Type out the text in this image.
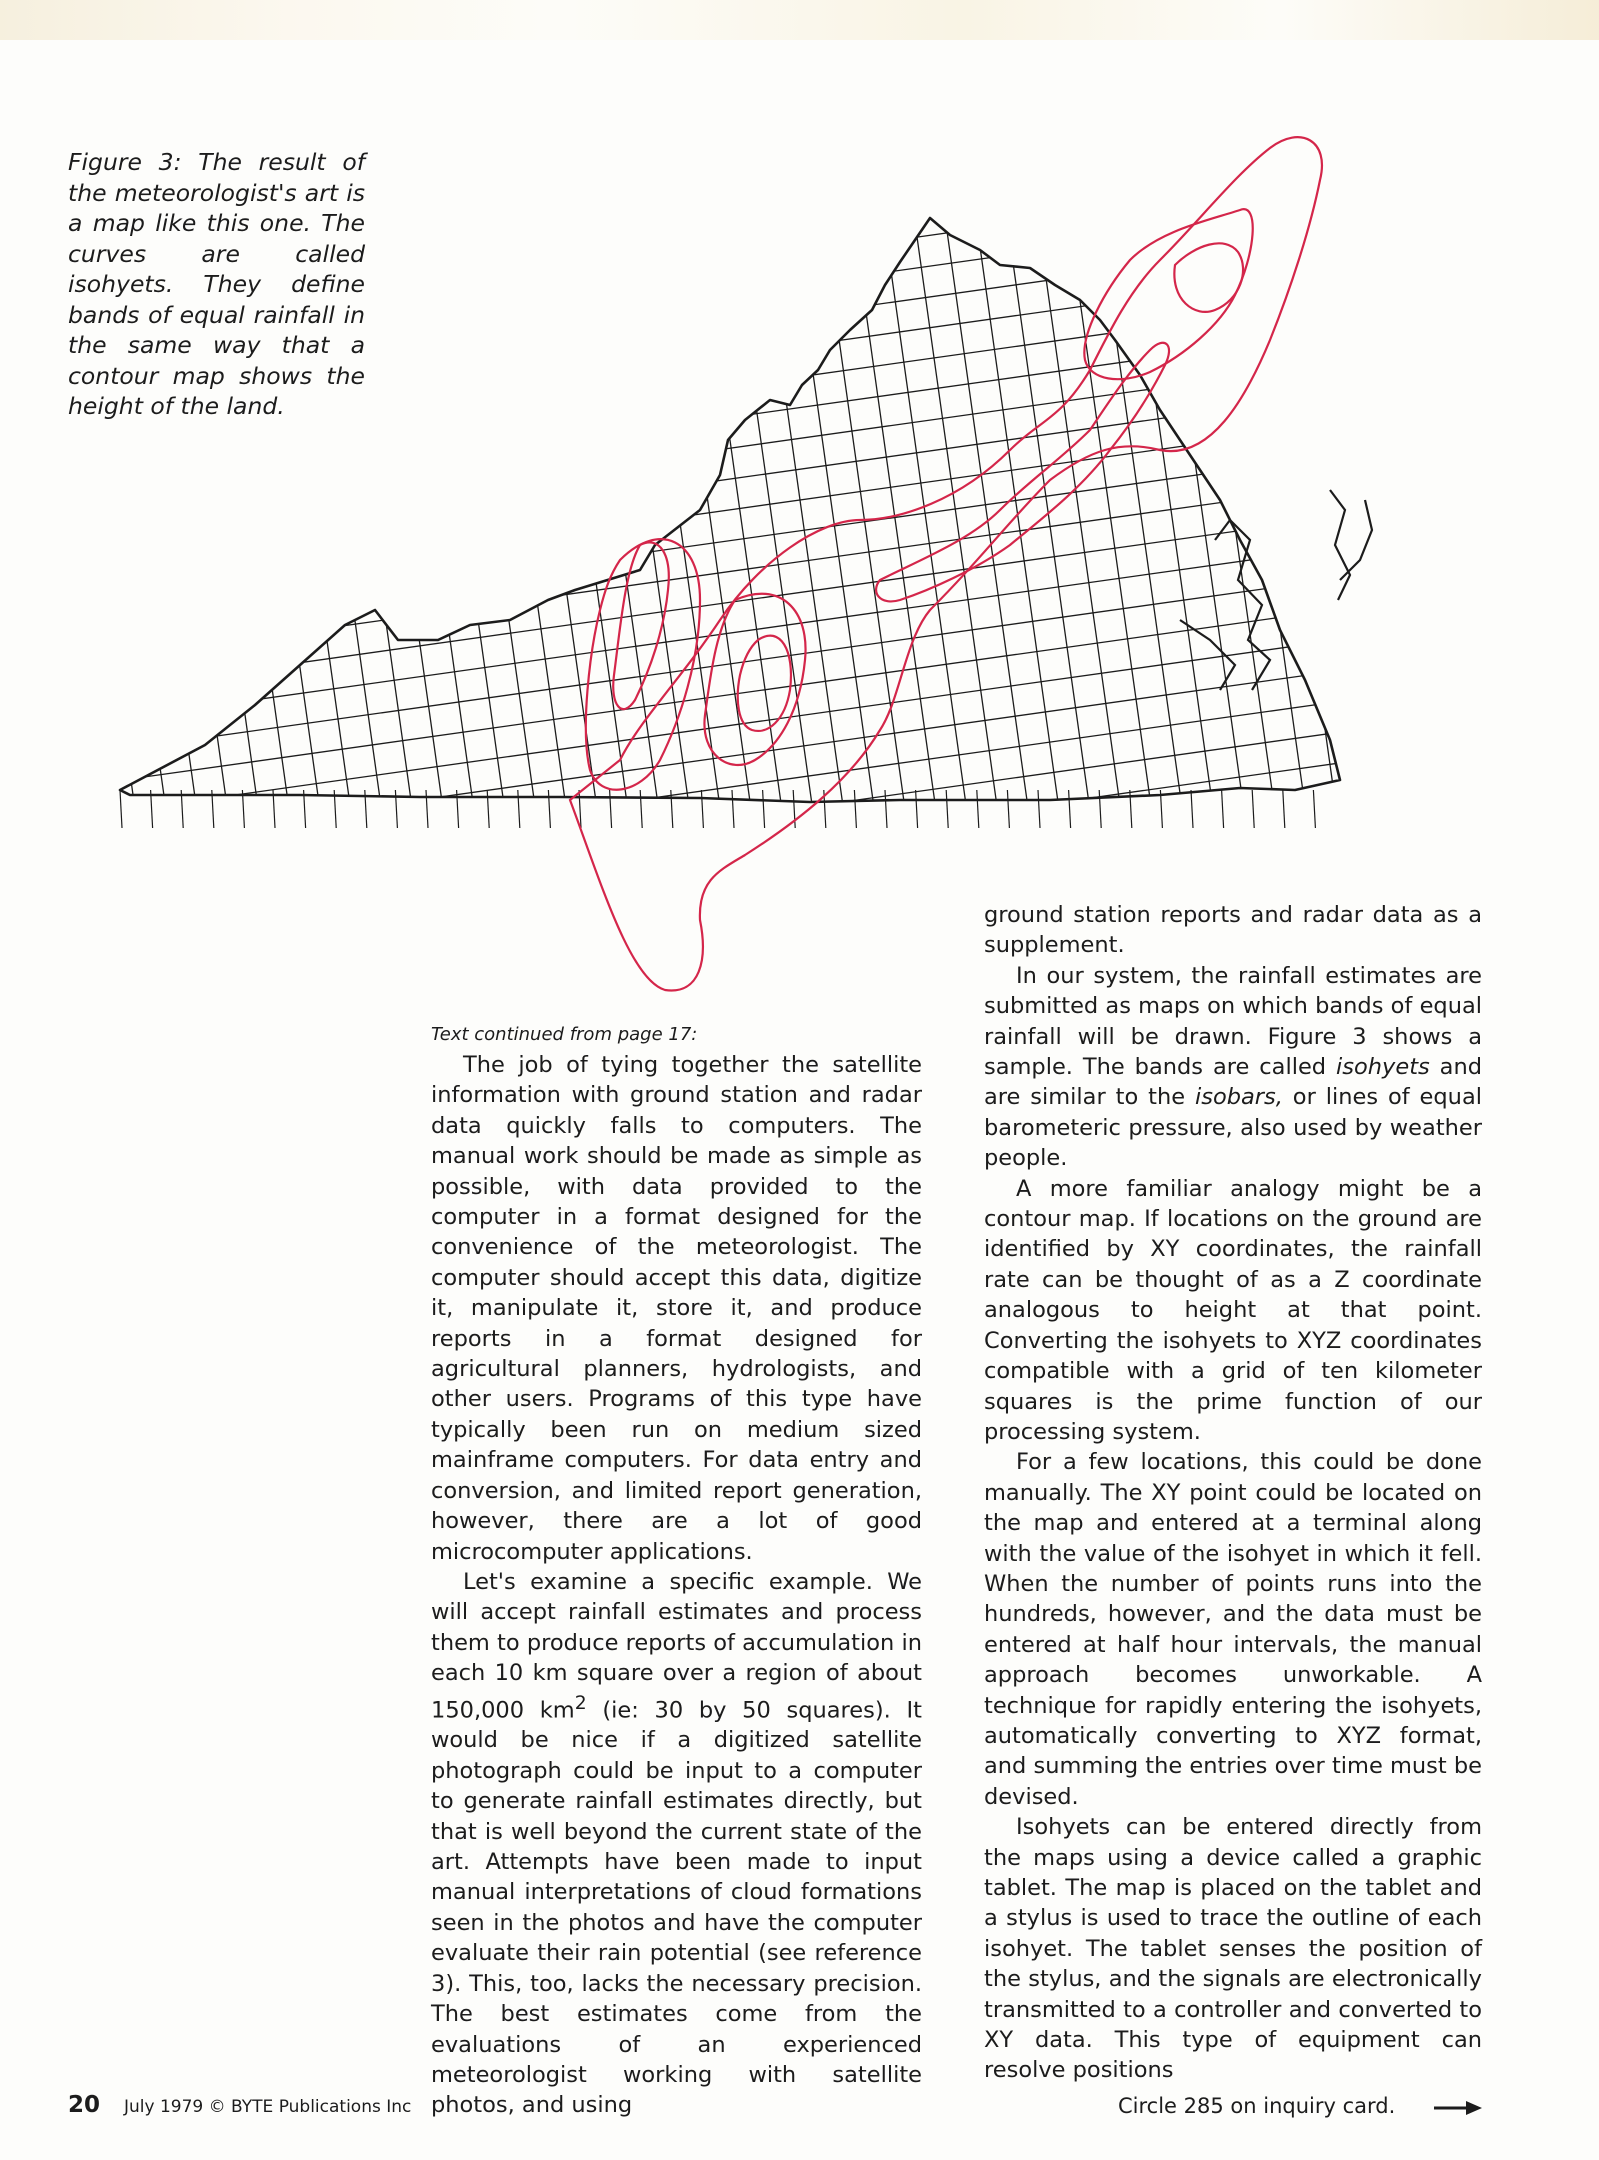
Figure 3: The result of the meteorologist's art is a map like this one. The curves are called isohyets. They define bands of equal rainfall in the same way that a contour map shows the height of the land.

Text continued from page 17:

The job of tying together the satellite information with ground station and radar data quickly falls to computers. The manual work should be made as simple as possible, with data provided to the computer in a format designed for the convenience of the meteorologist. The computer should accept this data, digitize it, manipulate it, store it, and produce reports in a format designed for agricultural planners, hydrologists, and other users. Programs of this type have typically been run on medium sized mainframe computers. For data entry and conversion, and limited report generation, however, there are a lot of good microcomputer applications.

Let's examine a specific example. We will accept rainfall estimates and process them to produce reports of accumulation in each 10 km square over a region of about 150,000 $km^2$ (ie: 30 by 50 squares). It would be nice if a digitized satellite photograph could be input to a computer to generate rainfall estimates directly, but that is well beyond the current state of the art. Attempts have been made to input manual interpretations of cloud formations seen in the photos and have the computer evaluate their rain potential (see reference 3). This, too, lacks the necessary precision. The best estimates come from the evaluations of an experienced meteorologist working with satellite photos, and using

ground station reports and radar data as a supplement.

In our system, the rainfall estimates are submitted as maps on which bands of equal rainfall will be drawn. Figure 3 shows a sample. The bands are called isohyets and are similar to the isobars, or lines of equal barometeric pressure, also used by weather people.

A more familiar analogy might be a contour map. If locations on the ground are identified by XY coordinates, the rainfall rate can be thought of as a Z coordinate analogous to height at that point. Converting the isohyets to XYZ coordinates compatible with a grid of ten kilometer squares is the prime function of our processing system.

For a few locations, this could be done manually. The XY point could be located on the map and entered at a terminal along with the value of the isohyet in which it fell. When the number of points runs into the hundreds, however, and the data must be entered at half hour intervals, the manual approach becomes unworkable. A technique for rapidly entering the isohyets, automatically converting to XYZ format, and summing the entries over time must be devised.

Isohyets can be entered directly from the maps using a device called a graphic tablet. The map is placed on the tablet and a stylus is used to trace the outline of each isohyet. The tablet senses the position of the stylus, and the signals are electronically transmitted to a controller and converted to XY data. This type of equipment can resolve positions

20 July 1979 © BYTE Publications Inc	Circle 285 on inquiry card.
